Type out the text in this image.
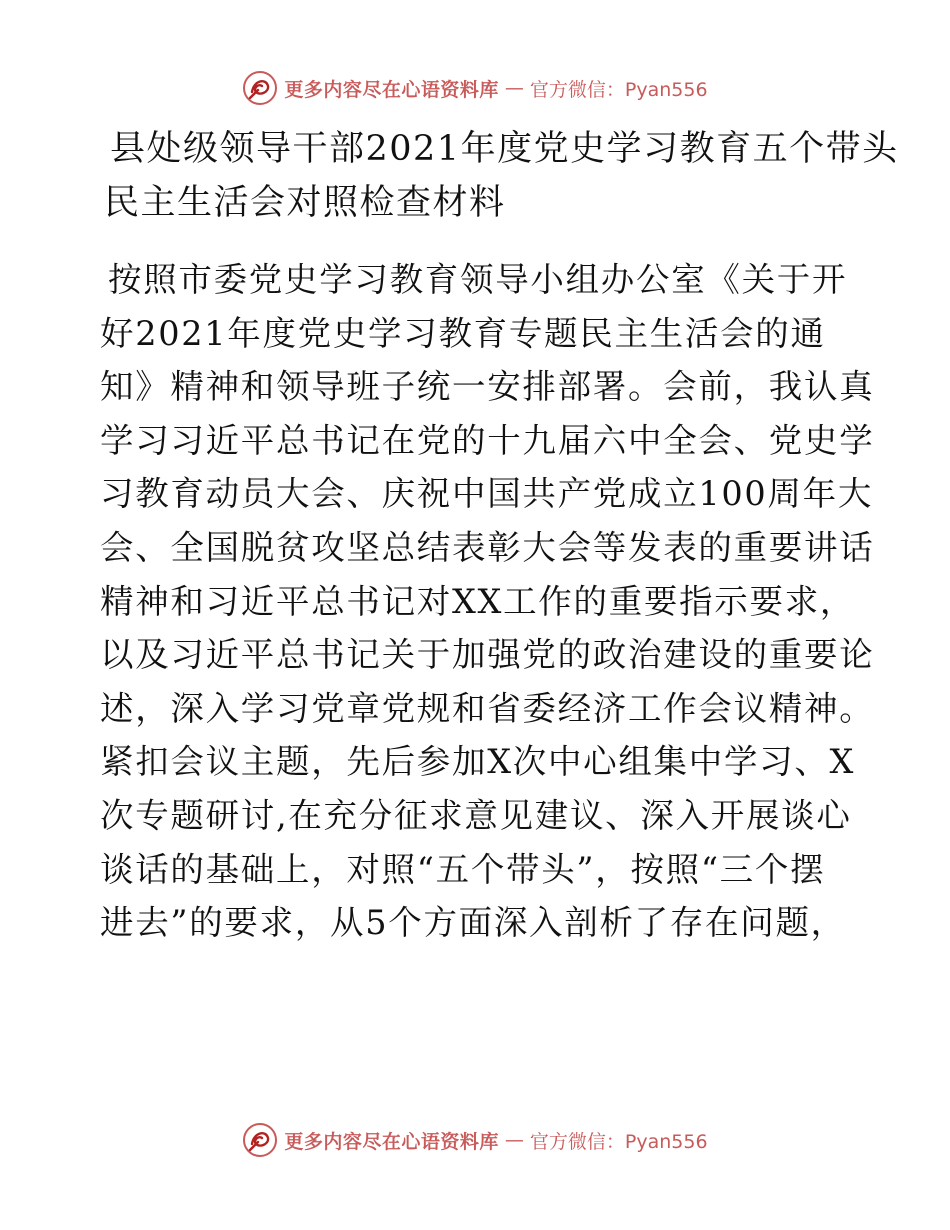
更多内容尽在心语资料库 — 官方微信：Pyan556
县处级领导干部2021年度党史学习教育五个带头
民主生活会对照检查材料
按照市委党史学习教育领导小组办公室《关于开
好2021年度党史学习教育专题民主生活会的通
知》精神和领导班子统一安排部署。会前，我认真
学习习近平总书记在党的十九届六中全会、党史学
习教育动员大会、庆祝中国共产党成立100周年大
会、全国脱贫攻坚总结表彰大会等发表的重要讲话
精神和习近平总书记对XX工作的重要指示要求，
以及习近平总书记关于加强党的政治建设的重要论
述，深入学习党章党规和省委经济工作会议精神。
紧扣会议主题，先后参加X次中心组集中学习、X
次专题研讨,在充分征求意见建议、深入开展谈心
谈话的基础上，对照“五个带头”，按照“三个摆
进去”的要求，从5个方面深入剖析了存在问题，
更多内容尽在心语资料库 — 官方微信：Pyan556
